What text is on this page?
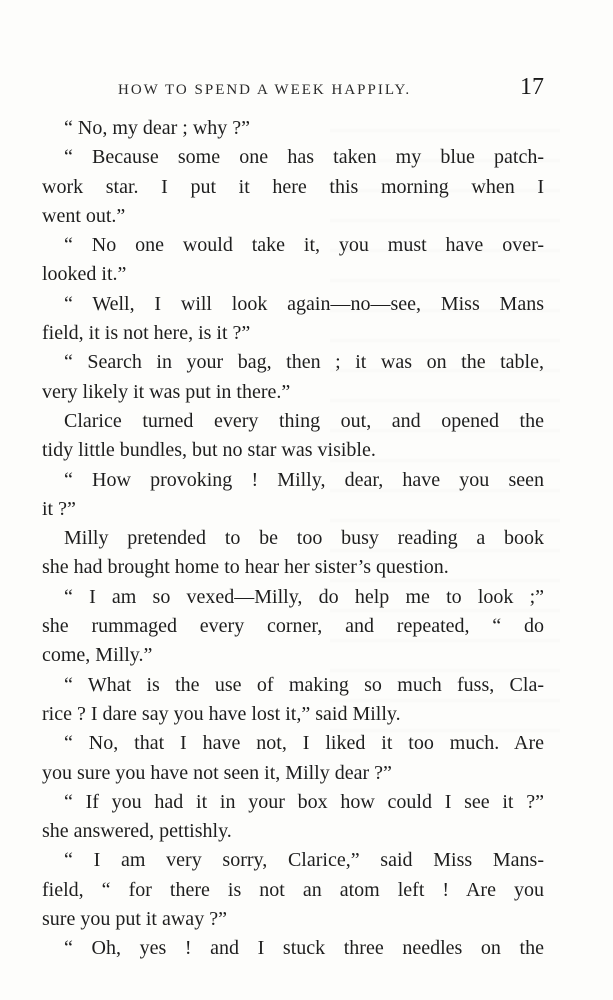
HOW TO SPEND A WEEK HAPPILY.	17
“ No, my dear ; why ?”
“ Because some one has taken my blue patch-
work star. I put it here this morning when I
went out.”
“ No one would take it, you must have over-
looked it.”
“ Well, I will look again—no—see, Miss Mans
field, it is not here, is it ?”
“ Search in your bag, then ; it was on the table,
very likely it was put in there.”
Clarice turned every thing out, and opened the
tidy little bundles, but no star was visible.
“ How provoking ! Milly, dear, have you seen
it ?”
Milly pretended to be too busy reading a book
she had brought home to hear her sister’s question.
“ I am so vexed—Milly, do help me to look ;”
she rummaged every corner, and repeated, “ do
come, Milly.”
“ What is the use of making so much fuss, Cla-
rice ? I dare say you have lost it,” said Milly.
“ No, that I have not, I liked it too much. Are
you sure you have not seen it, Milly dear ?”
“ If you had it in your box how could I see it ?”
she answered, pettishly.
“ I am very sorry, Clarice,” said Miss Mans-
field, “ for there is not an atom left ! Are you
sure you put it away ?”
“ Oh, yes ! and I stuck three needles on the
